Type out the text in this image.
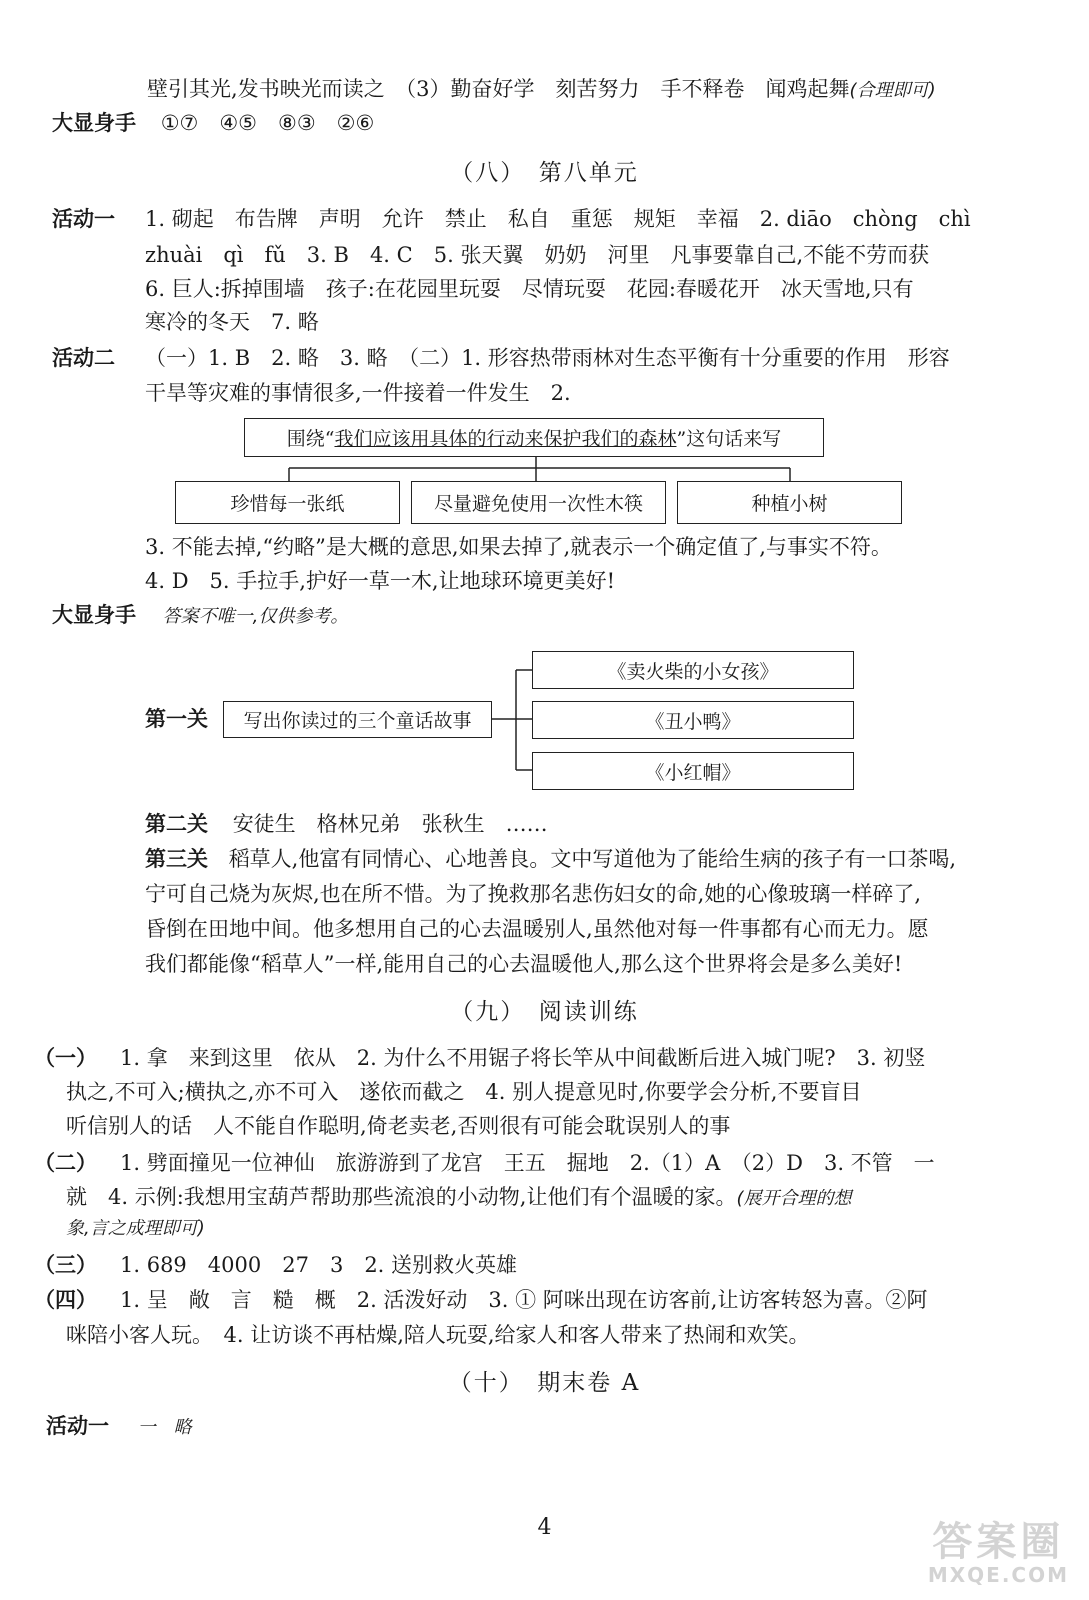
壁引其光,发书映光而读之　（3）勤奋好学　刻苦努力　手不释卷　闻鸡起舞(合理即可)
大显身手 ①⑦　④⑤　⑧③　②⑥
（八）　第八单元
活动一 1. 砌起　布告牌　声明　允许　禁止　私自　重惩　规矩　幸福　2. diāo　chòng　chì
zhuài　qì　fǔ　3. B　4. C　5. 张天翼　奶奶　河里　凡事要靠自己,不能不劳而获
6. 巨人:拆掉围墙　孩子:在花园里玩耍　尽情玩耍　花园:春暖花开　冰天雪地,只有
寒冷的冬天　7. 略
活动二 （一）1. B　2. 略　3. 略　（二）1. 形容热带雨林对生态平衡有十分重要的作用　形容
干旱等灾难的事情很多,一件接着一件发生　2.
围绕“ 我们应该用具体的行动来保护我们的森林 ”这句话来写
珍惜每一张纸	尽量避免使用一次性木筷	种植小树
3. 不能去掉,“约略”是大概的意思,如果去掉了,就表示一个确定值了,与事实不符。
4. D　5. 手拉手,护好一草一木,让地球环境更美好!
大显身手 答案不唯一,仅供参考。
第一关	写出你读过的三个童话故事
《卖火柴的小女孩》
《丑小鸭》
《小红帽》
第二关 安徒生　格林兄弟　张秋生　……
第三关 稻草人,他富有同情心、心地善良。文中写道他为了能给生病的孩子有一口茶喝,
宁可自己烧为灰烬,也在所不惜。为了挽救那名悲伤妇女的命,她的心像玻璃一样碎了,
昏倒在田地中间。他多想用自己的心去温暖别人,虽然他对每一件事都有心而无力。愿
我们都能像“稻草人”一样,能用自己的心去温暖他人,那么这个世界将会是多么美好!
（九）　阅读训练
（一） 1. 拿　来到这里　依从　2. 为什么不用锯子将长竿从中间截断后进入城门呢?　3. 初竖
执之,不可入;横执之,亦不可入　遂依而截之　4. 别人提意见时,你要学会分析,不要盲目
听信别人的话　人不能自作聪明,倚老卖老,否则很有可能会耽误别人的事
（二） 1. 劈面撞见一位神仙　旅游游到了龙宫　王五　掘地　2.（1）A　（2）D　3. 不管　一
就　4. 示例:我想用宝葫芦帮助那些流浪的小动物,让他们有个温暖的家。(展开合理的想
象,言之成理即可)
（三） 1. 689　4000　27　3　2. 送别救火英雄
（四） 1. 呈　敞　言　糙　概　2. 活泼好动　3. ① 阿咪出现在访客前,让访客转怒为喜。②阿
咪陪小客人玩。　4. 让访谈不再枯燥,陪人玩耍,给家人和客人带来了热闹和欢笑。
（十）　期末卷 A
活动一 一　略
4	答案圈
MXQE.COM
